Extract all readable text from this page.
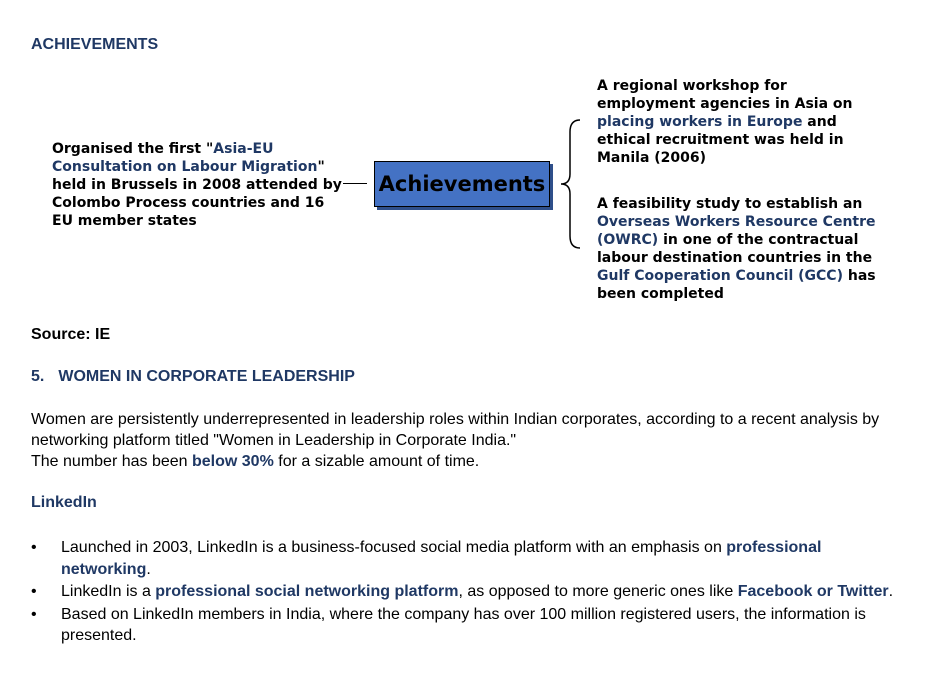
ACHIEVEMENTS
Organised the first "Asia-EU Consultation on Labour Migration" held in Brussels in 2008 attended by Colombo Process countries and 16 EU member states
Achievements
A regional workshop for employment agencies in Asia on placing workers in Europe and ethical recruitment was held in Manila (2006)
A feasibility study to establish an Overseas Workers Resource Centre (OWRC) in one of the contractual labour destination countries in the Gulf Cooperation Council (GCC) has been completed
Source: IE
5. WOMEN IN CORPORATE LEADERSHIP
Women are persistently underrepresented in leadership roles within Indian corporates, according to a recent analysis by networking platform titled "Women in Leadership in Corporate India."
The number has been below 30% for a sizable amount of time.
LinkedIn
• Launched in 2003, LinkedIn is a business-focused social media platform with an emphasis on professional networking.
• LinkedIn is a professional social networking platform, as opposed to more generic ones like Facebook or Twitter.
• Based on LinkedIn members in India, where the company has over 100 million registered users, the information is presented.
